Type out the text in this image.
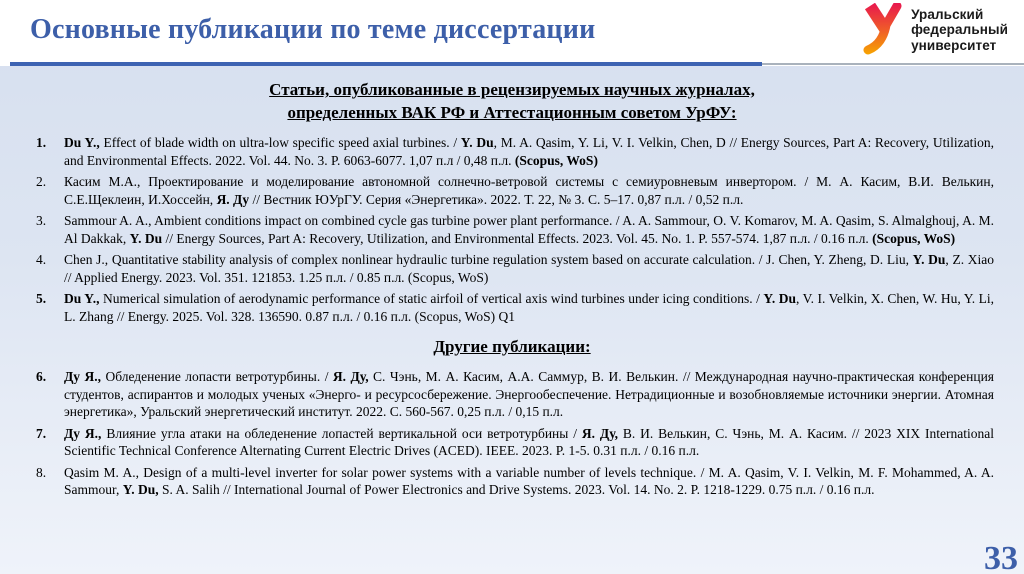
Основные публикации по теме диссертации	Уральский
федеральный
университет
Статьи, опубликованные в рецензируемых научных журналах,
определенных ВАК РФ и Аттестационным советом УрФУ:
1.	Du Y., Effect of blade width on ultra-low specific speed axial turbines. / Y. Du, M. A. Qasim, Y. Li, V. I. Velkin, Chen, D // Energy Sources, Part A: Recovery, Utilization, and Environmental Effects. 2022. Vol. 44. No. 3. P. 6063-6077. 1,07 п.л / 0,48 п.л. (Scopus, WoS)
2.	Касим М.А., Проектирование и моделирование автономной солнечно-ветровой системы с семиуровневым инвертором. / М. А. Касим, В.И. Велькин, С.Е.Щеклеин, И.Хоссейн, Я. Ду // Вестник ЮУрГУ. Серия «Энергетика». 2022. Т. 22, № 3. С. 5–17. 0,87 п.л. / 0,52 п.л.
3.	Sammour A. A., Ambient conditions impact on combined cycle gas turbine power plant performance. / A. A. Sammour, O. V. Komarov, M. A. Qasim, S. Almalghouj, A. M. Al Dakkak, Y. Du // Energy Sources, Part A: Recovery, Utilization, and Environmental Effects. 2023. Vol. 45. No. 1. P. 557-574. 1,87 п.л. / 0.16 п.л. (Scopus, WoS)
4.	Chen J., Quantitative stability analysis of complex nonlinear hydraulic turbine regulation system based on accurate calculation. / J. Chen, Y. Zheng, D. Liu, Y. Du, Z. Xiao // Applied Energy. 2023. Vol. 351. 121853. 1.25 п.л. / 0.85 п.л. (Scopus, WoS)
5.	Du Y., Numerical simulation of aerodynamic performance of static airfoil of vertical axis wind turbines under icing conditions. / Y. Du, V. I. Velkin, X. Chen, W. Hu, Y. Li, L. Zhang // Energy. 2025. Vol. 328. 136590. 0.87 п.л. / 0.16 п.л. (Scopus, WoS) Q1
Другие публикации:
6.	Ду Я., Обледенение лопасти ветротурбины. / Я. Ду, С. Чэнь, М. А. Касим, А.А. Саммур, В. И. Велькин. // Международная научно-практическая конференция студентов, аспирантов и молодых ученых «Энерго- и ресурсосбережение. Энергообеспечение. Нетрадиционные и возобновляемые источники энергии. Атомная энергетика», Уральский энергетический институт. 2022. С. 560-567. 0,25 п.л. / 0,15 п.л.
7.	Ду Я., Влияние угла атаки на обледенение лопастей вертикальной оси ветротурбины / Я. Ду, В. И. Велькин, С. Чэнь, М. А. Касим. // 2023 XIX International Scientific Technical Conference Alternating Current Electric Drives (ACED). IEEE. 2023. P. 1-5. 0.31 п.л. / 0.16 п.л.
8.	Qasim M. A., Design of a multi-level inverter for solar power systems with a variable number of levels technique. / M. A. Qasim, V. I. Velkin, M. F. Mohammed, A. A. Sammour, Y. Du, S. A. Salih // International Journal of Power Electronics and Drive Systems. 2023. Vol. 14. No. 2. P. 1218-1229. 0.75 п.л. / 0.16 п.л.
33
